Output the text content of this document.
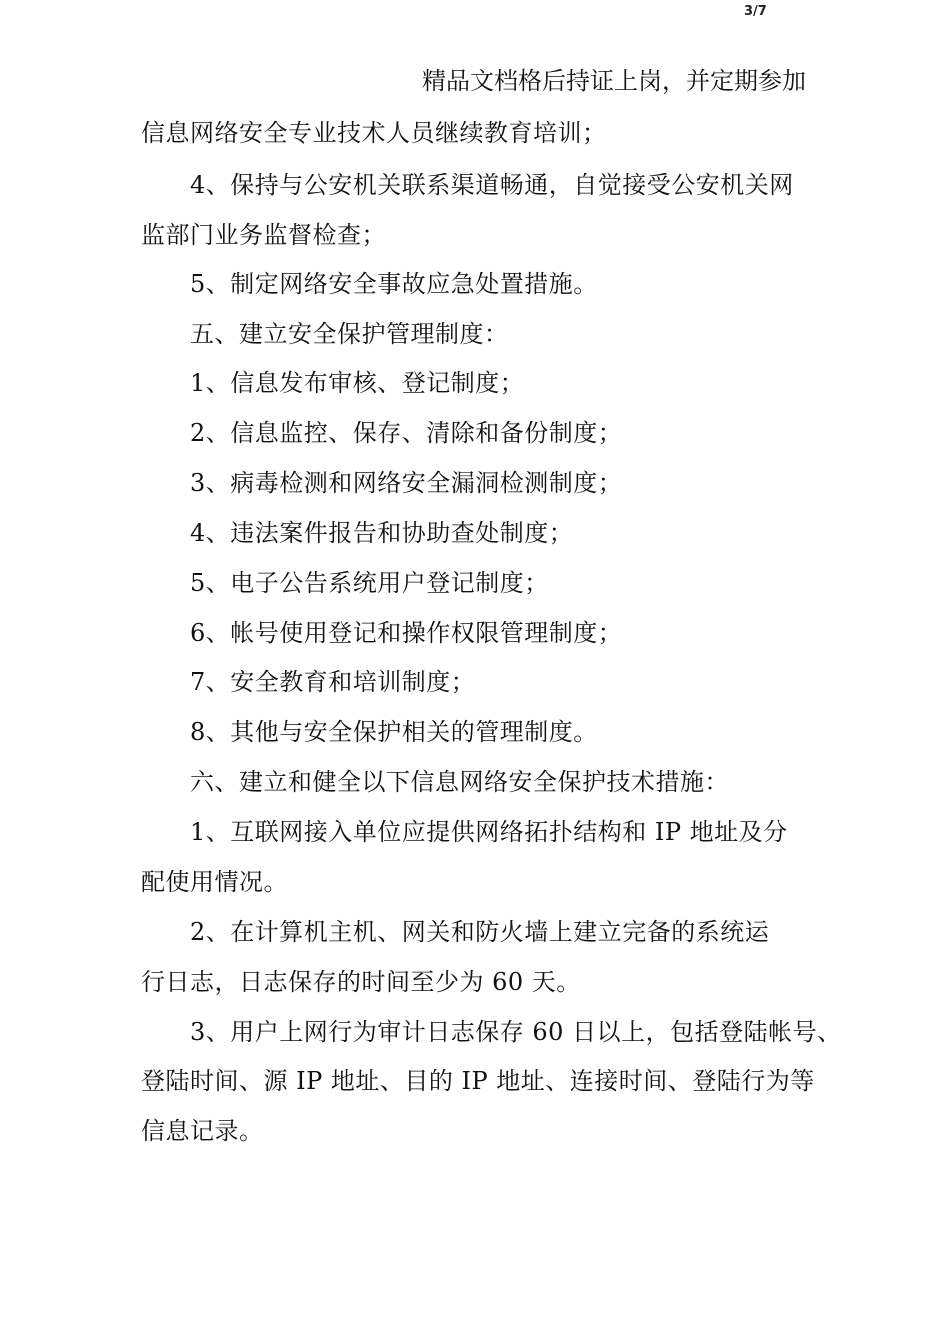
3/7
精品文档格后持证上岗，并定期参加
信息网络安全专业技术人员继续教育培训；
4、保持与公安机关联系渠道畅通，自觉接受公安机关网
监部门业务监督检查；
5、制定网络安全事故应急处置措施。
五、建立安全保护管理制度：
1、信息发布审核、登记制度；
2、信息监控、保存、清除和备份制度；
3、病毒检测和网络安全漏洞检测制度；
4、违法案件报告和协助查处制度；
5、电子公告系统用户登记制度；
6、帐号使用登记和操作权限管理制度；
7、安全教育和培训制度；
8、其他与安全保护相关的管理制度。
六、建立和健全以下信息网络安全保护技术措施：
1、互联网接入单位应提供网络拓扑结构和 IP 地址及分
配使用情况。
2、在计算机主机、网关和防火墙上建立完备的系统运
行日志，日志保存的时间至少为 60 天。
3、用户上网行为审计日志保存 60 日以上，包括登陆帐号、
登陆时间、源 IP 地址、目的 IP 地址、连接时间、登陆行为等
信息记录。
